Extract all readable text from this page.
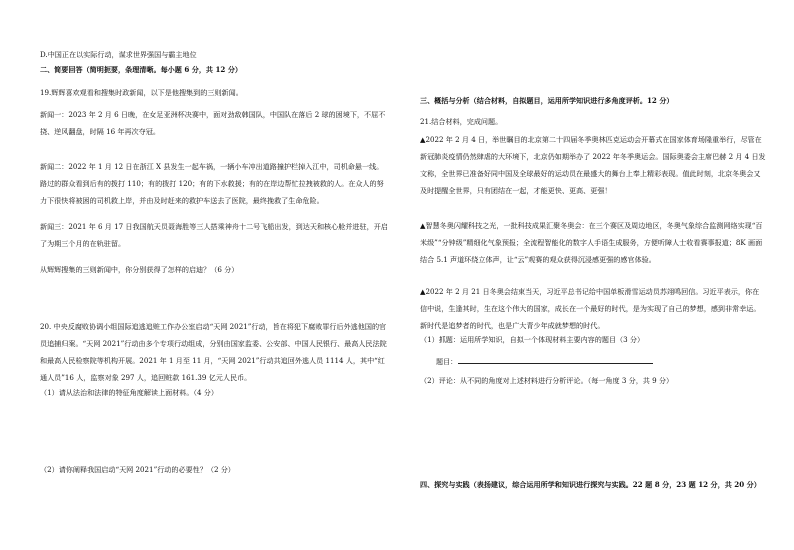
D.中国正在以实际行动，谋求世界强国与霸主地位
二、简要回答（简明扼要，条理清晰。每小题 6 分，共 12 分）
19.辉辉喜欢观看和搜集时政新闻，以下是他搜集到的三则新闻。

新闻一：2023 年 2 月 6 日晚，在女足亚洲杯决赛中，面对劲敌韩国队，中国队在落后 2 球的困境下，不屈不挠、逆风翻盘，时隔 16 年再次夺冠。

新闻二：2022 年 1 月 12 日在浙江 X 县发生一起车祸，一辆小车冲出道路撞护栏掉入江中，司机命悬一线。路过的群众看到后有的拨打 110；有的拨打 120；有的下水救援；有的在岸边帮忙拉拽被救的人。在众人的努力下很快将被困的司机救上岸，并由及时赶来的救护车送去了医院，最终挽救了生命危险。

新闻三：2021 年 6 月 17 日我国航天员聂海胜等三人搭乘神舟十二号飞船出发，到达天和核心舱并进驻，开启了为期三个月的在轨驻留。

从辉辉搜集的三则新闻中，你分别获得了怎样的启迪？（6 分）

20. 中央反腐败协调小组国际追逃追赃工作办公室启动“天网 2021”行动，旨在将犯下腐败罪行后外逃他国的官员追捕归案。“天网 2021”行动由多个专项行动组成，分别由国家监委、公安部、中国人民银行、最高人民法院和最高人民检察院等机构开展。2021 年 1 月至 11 月，“天网 2021”行动共追回外逃人员 1114 人，其中“红通人员”16 人，监察对象 297 人，追回赃款 161.39 亿元人民币。

（1）请从法治和法律的特征角度解读上面材料。（4 分）
（2）请你阐释我国启动“天网 2021”行动的必要性？（2 分）
三、概括与分析（结合材料，自拟题目，运用所学知识进行多角度评析。12 分）
21.结合材料，完成问题。

▲2022 年 2 月 4 日，举世瞩目的北京第二十四届冬季奥林匹克运动会开幕式在国家体育场隆重举行，尽管在新冠肺炎疫情仍然肆虐的大环境下，北京仍如期举办了 2022 年冬季奥运会。国际奥委会主席巴赫 2 月 4 日发文称，全世界已准备好同中国及全球最好的运动员在最盛大的舞台上奉上精彩表现。值此时刻，北京冬奥会又及时提醒全世界，只有团结在一起，才能更快、更高、更强！

▲智慧冬奥闪耀科技之光，一批科技成果汇聚冬奥会：在三个赛区及周边地区，冬奥气象综合监测网络实现“百米级”“分钟级”精细化气象预报；全流程智能化的数字人手语生成服务，方便听障人士收看赛事报道；8K 画面结合 5.1 声道环绕立体声，让“云”观赛的观众获得沉浸感更强的感官体验。

▲2022 年 2 月 21 日冬奥会结束当天，习近平总书记给中国单板滑雪运动员苏翊鸣回信。习近平表示，你在信中说，生逢其时，生在这个伟大的国家，成长在一个最好的时代，是为实现了自己的梦想，感到非常幸运。新时代是追梦者的时代，也是广大青少年成就梦想的时代。

（1）抓题：运用所学知识，自拟一个体现材料主要内容的题目（3 分）
题目：
（2）评论：从不同的角度对上述材料进行分析评论。（每一角度 3 分，共 9 分）
四、探究与实践（表扬建议，综合运用所学和知识进行探究与实践。22 题 8 分，23 题 12 分，共 20 分）
